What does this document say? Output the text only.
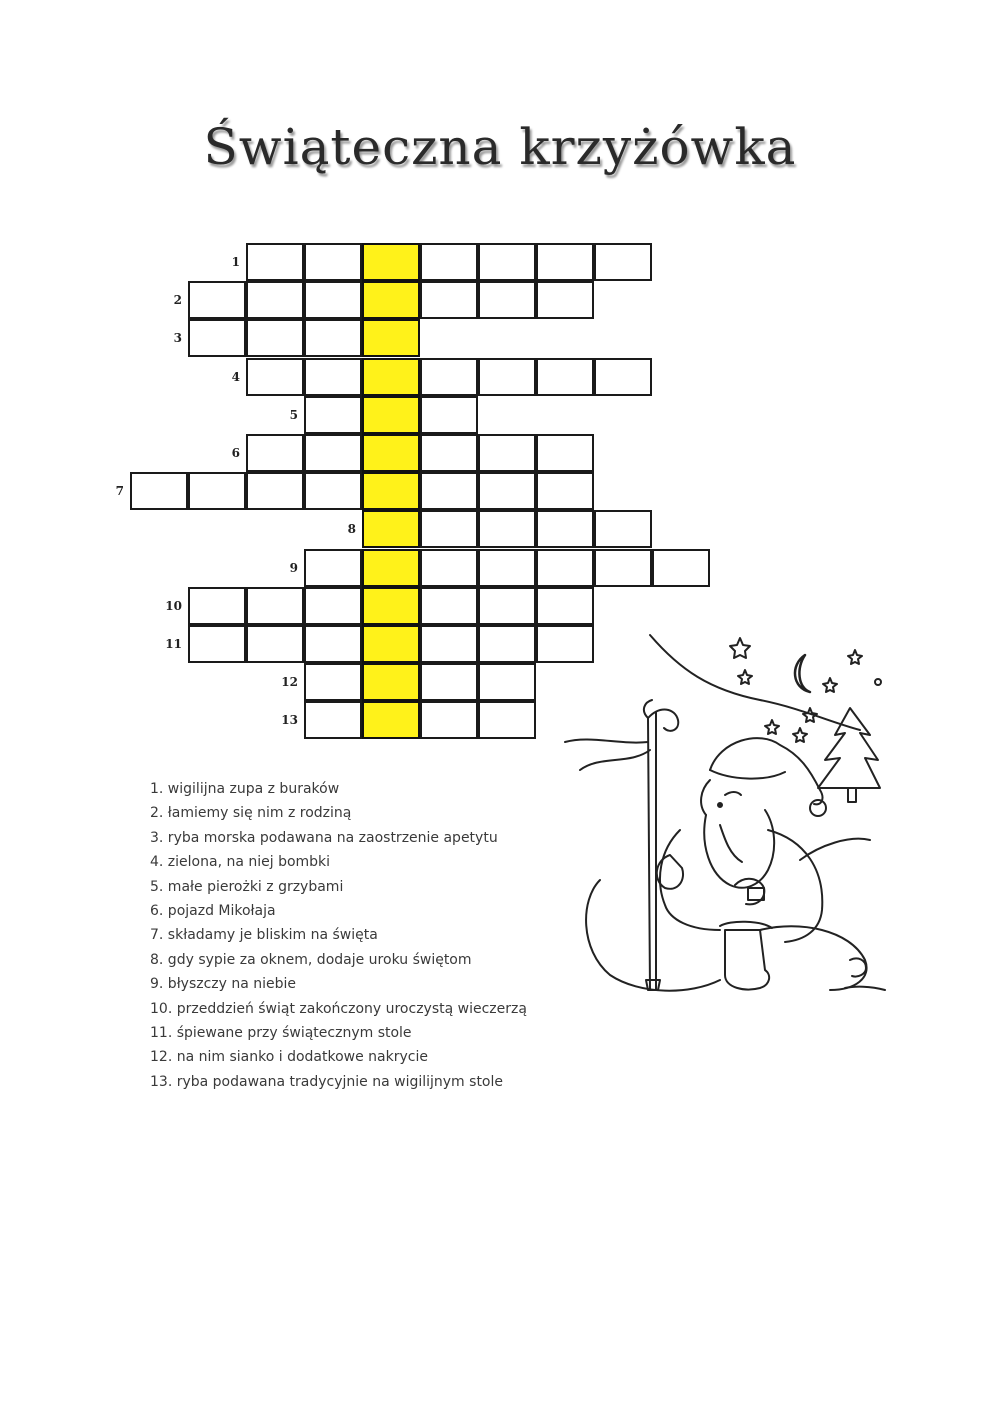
Świąteczna krzyżówka
1
2
3
4
5
6
7
8
9
10
11
12
13
1. wigilijna zupa z buraków
2. łamiemy się nim z rodziną
3. ryba morska podawana na zaostrzenie apetytu
4. zielona, na niej bombki
5. małe pierożki z grzybami
6. pojazd Mikołaja
7. składamy je bliskim na święta
8. gdy sypie za oknem, dodaje uroku świętom
9. błyszczy na niebie
10. przeddzień świąt zakończony uroczystą wieczerzą
11. śpiewane przy świątecznym stole
12. na nim sianko i dodatkowe nakrycie
13. ryba podawana tradycyjnie na wigilijnym stole
